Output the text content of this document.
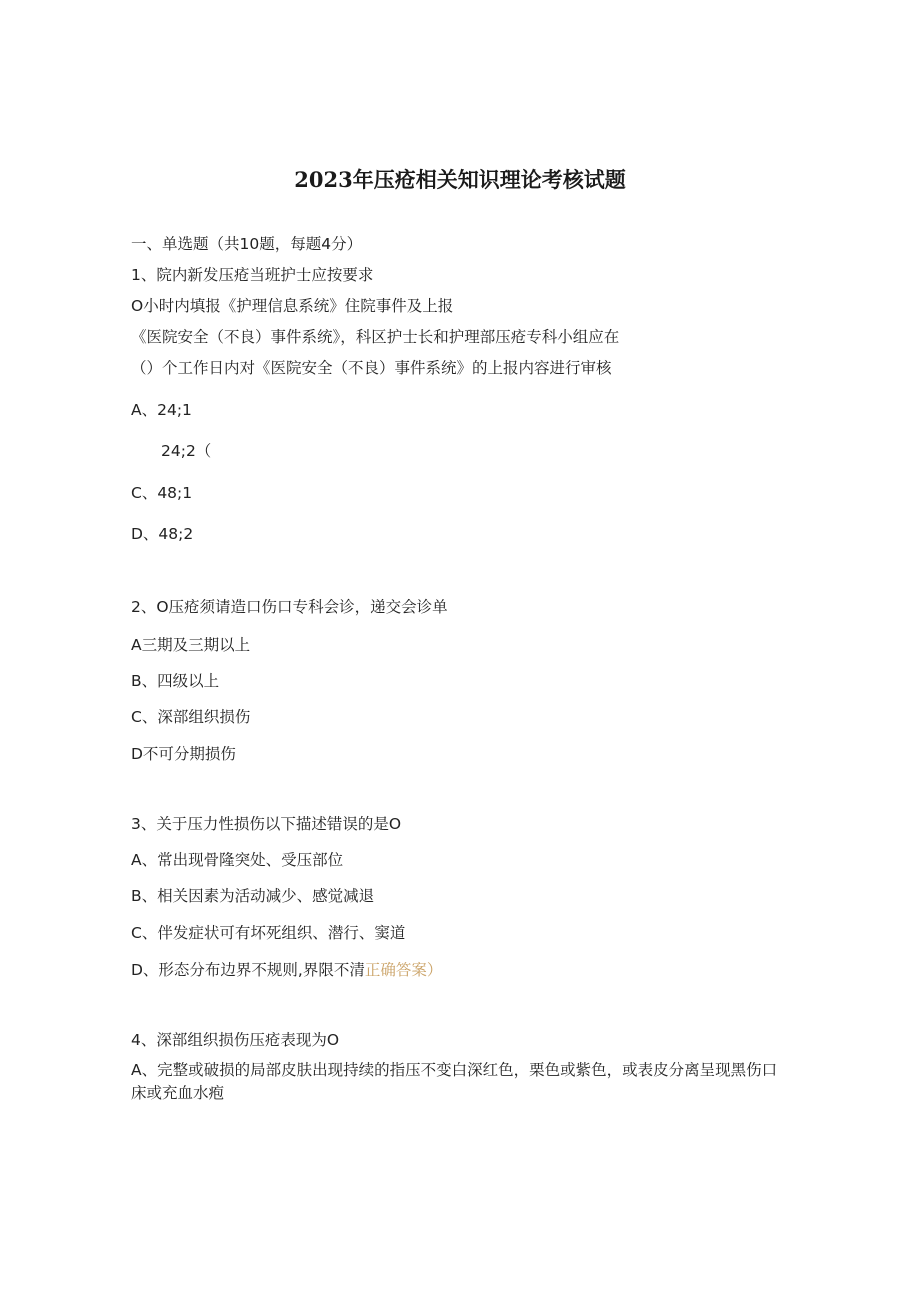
2023年压疮相关知识理论考核试题
一、单选题（共10题，每题4分）
1、院内新发压疮当班护士应按要求
O小时内填报《护理信息系统》住院事件及上报
《医院安全（不良）事件系统》，科区护士长和护理部压疮专科小组应在
（）个工作日内对《医院安全（不良）事件系统》的上报内容进行审核
A、24;1
24;2（
C、48;1
D、48;2
2、O压疮须请造口伤口专科会诊，递交会诊单
A三期及三期以上
B、四级以上
C、深部组织损伤
D不可分期损伤
3、关于压力性损伤以下描述错误的是O
A、常出现骨隆突处、受压部位
B、相关因素为活动减少、感觉减退
C、伴发症状可有坏死组织、潜行、窦道
D、形态分布边界不规则,界限不清正确答案）
4、深部组织损伤压疮表现为O
A、完整或破损的局部皮肤出现持续的指压不变白深红色，栗色或紫色，或表皮分离呈现黑伤口床或充血水疱
